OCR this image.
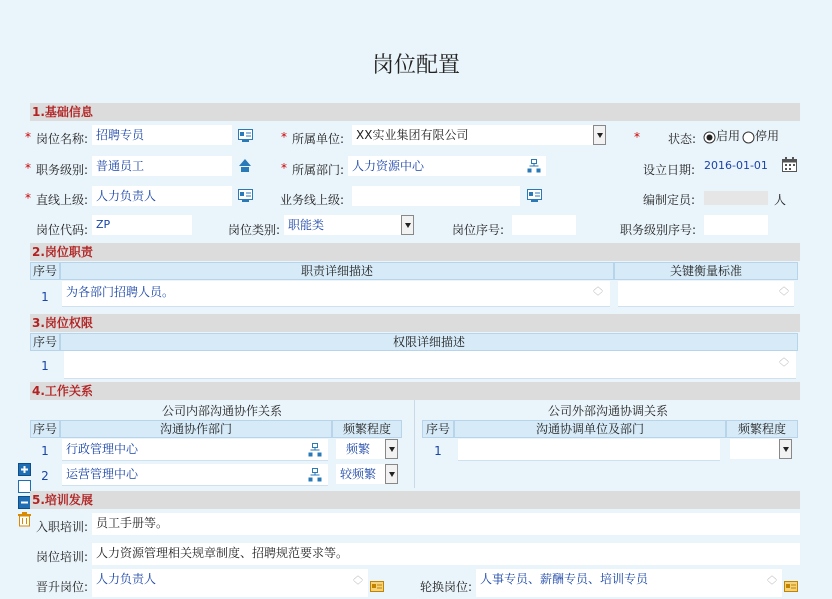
岗位配置
1.基础信息
* 岗位名称: 招聘专员	* 所属单位: XX实业集团有限公司	* 状态: 启用 停用
* 职务级别: 普通员工	* 所属部门: 人力资源中心	设立日期: 2016-01-01
* 直线上级: 人力负责人	业务线上级:	编制定员:	人
岗位代码: ZP	岗位类别: 职能类	岗位序号:	职务级别序号:
2.岗位职责
序号	职责详细描述	关键衡量标准
1	为各部门招聘人员。	︿
﹀
︿
﹀
3.岗位权限
序号	权限详细描述
1
︿
﹀
4.工作关系
公司内部沟通协作关系	公司外部沟通协调关系
序号	沟通协作部门	频繁程度	序号	沟通协调单位及部门	频繁程度
1	行政管理中心	频繁
2	运营管理中心	较频繁
1
5.培训发展
入职培训: 员工手册等。
岗位培训: 人力资源管理相关规章制度、招聘规范要求等。
晋升岗位:
人力负责人	︿
﹀	轮换岗位:
人事专员、薪酬专员、培训专员	︿
﹀
